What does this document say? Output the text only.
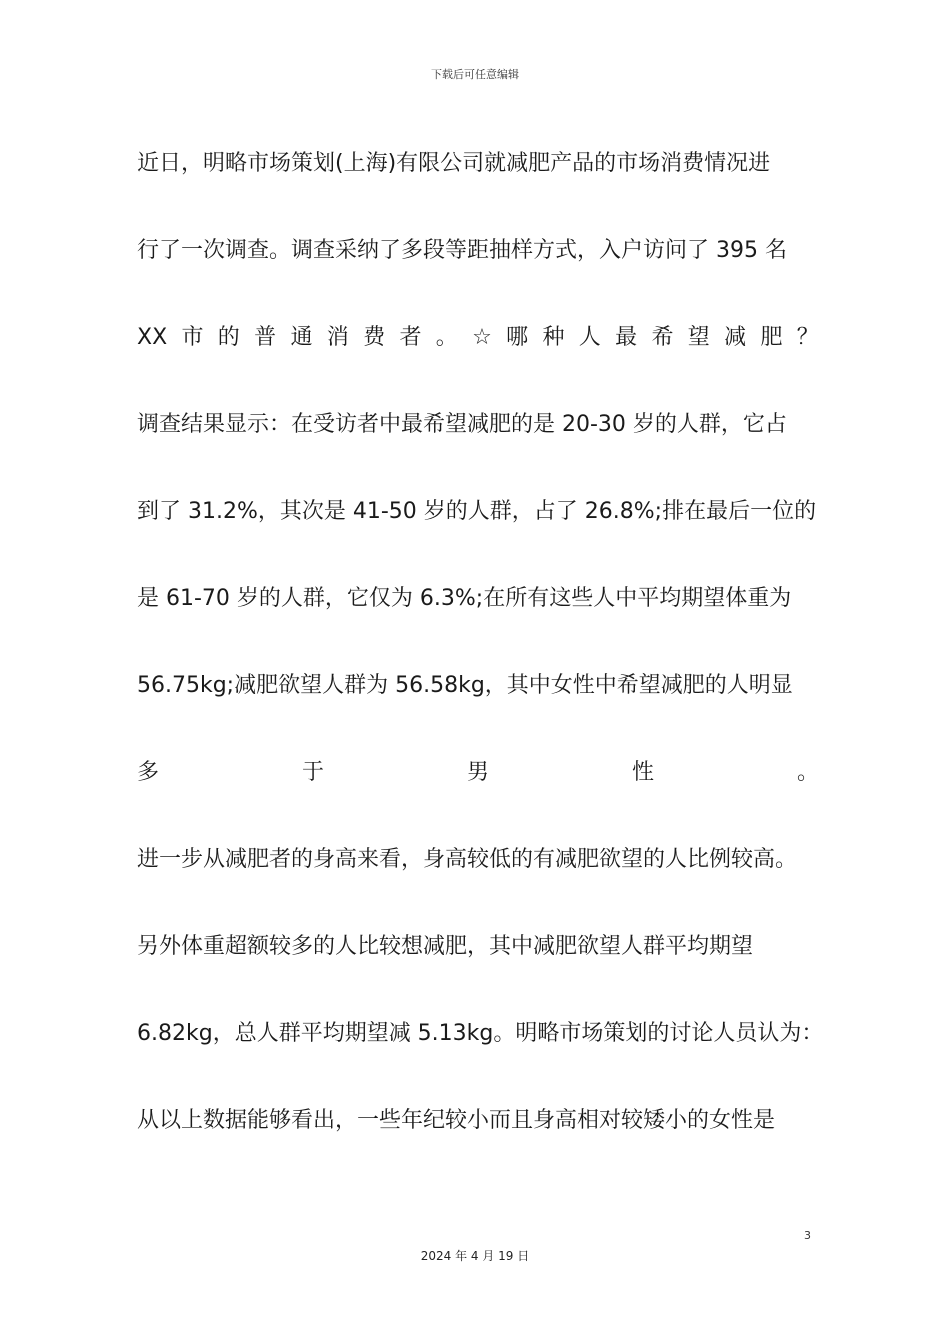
下载后可任意编辑
近日，明略市场策划(上海)有限公司就减肥产品的市场消费情况进
行了一次调查。调查采纳了多段等距抽样方式，入户访问了 395 名
XX 市 的 普 通 消 费 者 。 ☆ 哪 种 人 最 希 望 减 肥 ？
调查结果显示：在受访者中最希望减肥的是 20-30 岁的人群，它占
到了 31.2%，其次是 41-50 岁的人群，占了 26.8%;排在最后一位的
是 61-70 岁的人群，它仅为 6.3%;在所有这些人中平均期望体重为
56.75kg;减肥欲望人群为 56.58kg，其中女性中希望减肥的人明显
多	于	男	性	。
进一步从减肥者的身高来看，身高较低的有减肥欲望的人比例较高。
另外体重超额较多的人比较想减肥，其中减肥欲望人群平均期望
6.82kg，总人群平均期望减 5.13kg。明略市场策划的讨论人员认为：
从以上数据能够看出，一些年纪较小而且身高相对较矮小的女性是
3
2024 年 4 月 19 日
